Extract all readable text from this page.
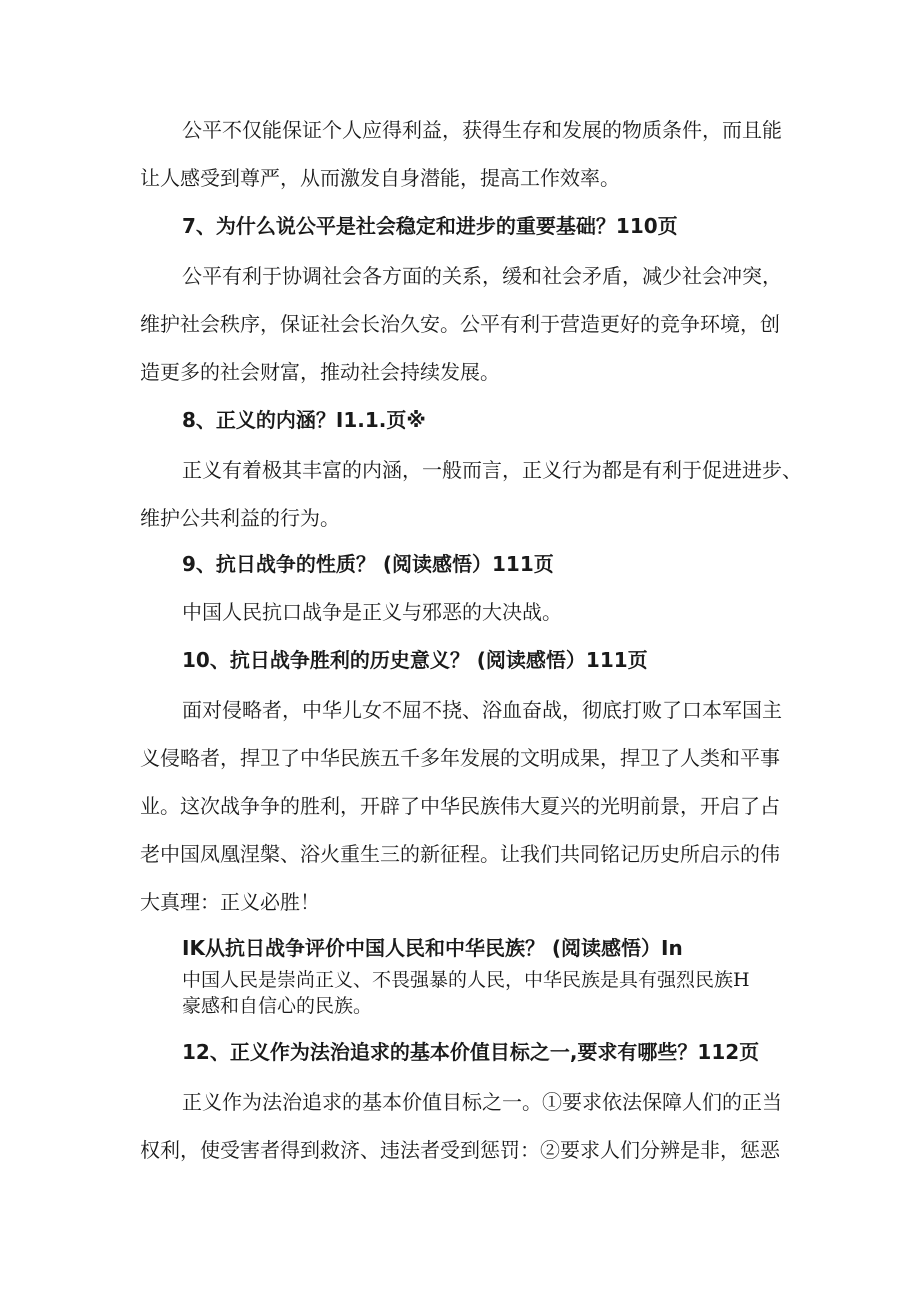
公平不仅能保证个人应得利益，获得生存和发展的物质条件，而且能
让人感受到尊严，从而激发自身潜能，提高工作效率。
7、为什么说公平是社会稳定和进步的重要基础？110页
公平有利于协调社会各方面的关系，缓和社会矛盾，减少社会冲突，
维护社会秩序，保证社会长治久安。公平有利于营造更好的竞争环境，创
造更多的社会财富，推动社会持续发展。
8、正义的内涵？I1.1.页※
正义有着极其丰富的内涵，一般而言，正义行为都是有利于促进进步、
维护公共利益的行为。
9、抗日战争的性质？ (阅读感悟）111页
中国人民抗口战争是正义与邪恶的大决战。
10、抗日战争胜利的历史意义？ (阅读感悟）111页
面对侵略者，中华儿女不屈不挠、浴血奋战，彻底打败了口本军国主
义侵略者，捍卫了中华民族五千多年发展的文明成果，捍卫了人类和平事
业。这次战争争的胜利，开辟了中华民族伟大夏兴的光明前景，开启了占
老中国凤凰涅槃、浴火重生三的新征程。让我们共同铭记历史所启示的伟
大真理：正义必胜！
IK从抗日战争评价中国人民和中华民族？ (阅读感悟）In
中国人民是崇尚正义、不畏强暴的人民，中华民族是具有强烈民族H
豪感和自信心的民族。
12、正义作为法治追求的基本价值目标之一,要求有哪些？112页
正义作为法治追求的基本价值目标之一。①要求依法保障人们的正当
权利，使受害者得到救济、违法者受到惩罚：②要求人们分辨是非，惩恶
